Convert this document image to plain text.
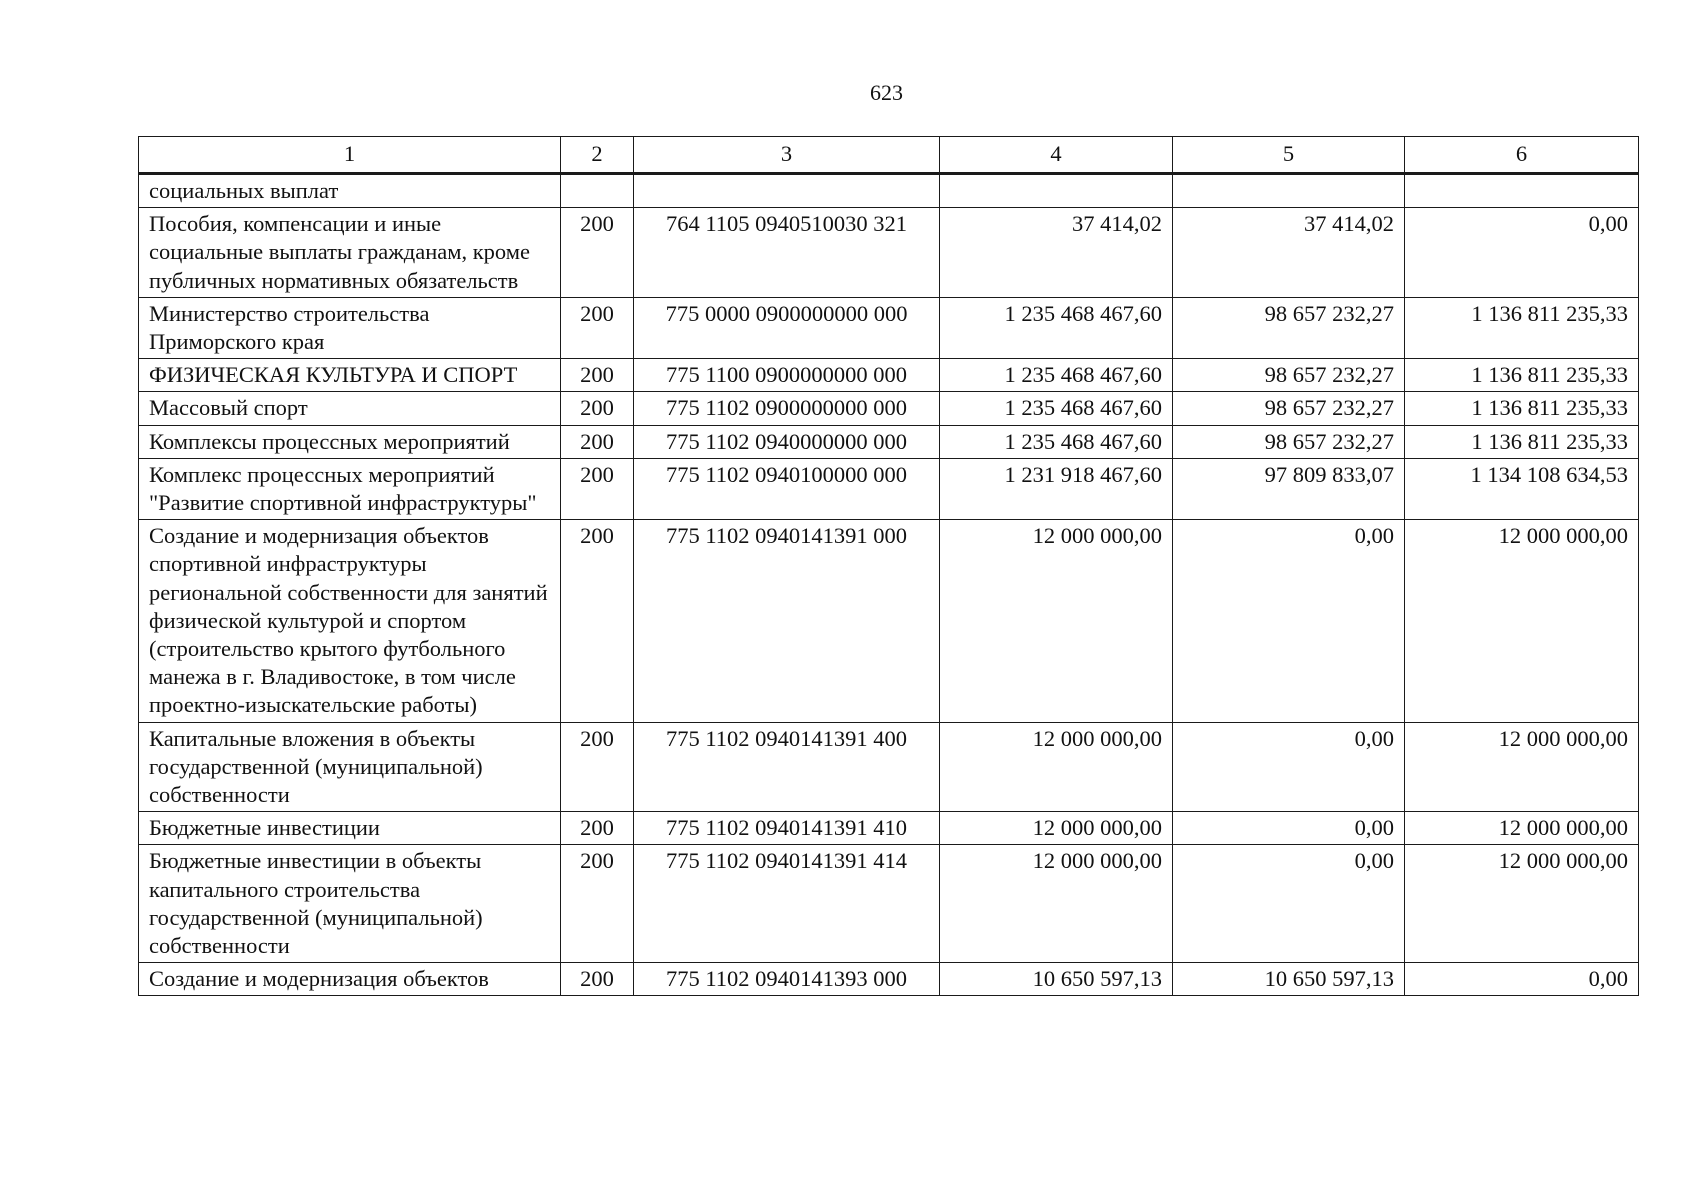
623
1	2	3	4	5	6
социальных выплат					
Пособия, компенсации и иные социальные выплаты гражданам, кроме публичных нормативных обязательств	200	764 1105 0940510030 321	37 414,02	37 414,02	0,00
Министерство строительства Приморского края	200	775 0000 0900000000 000	1 235 468 467,60	98 657 232,27	1 136 811 235,33
ФИЗИЧЕСКАЯ КУЛЬТУРА И СПОРТ	200	775 1100 0900000000 000	1 235 468 467,60	98 657 232,27	1 136 811 235,33
Массовый спорт	200	775 1102 0900000000 000	1 235 468 467,60	98 657 232,27	1 136 811 235,33
Комплексы процессных мероприятий	200	775 1102 0940000000 000	1 235 468 467,60	98 657 232,27	1 136 811 235,33
Комплекс процессных мероприятий "Развитие спортивной инфраструктуры"	200	775 1102 0940100000 000	1 231 918 467,60	97 809 833,07	1 134 108 634,53
Создание и модернизация объектов спортивной инфраструктуры региональной собственности для занятий физической культурой и спортом (строительство крытого футбольного манежа в г. Владивостоке, в том числе проектно-изыскательские работы)	200	775 1102 0940141391 000	12 000 000,00	0,00	12 000 000,00
Капитальные вложения в объекты государственной (муниципальной) собственности	200	775 1102 0940141391 400	12 000 000,00	0,00	12 000 000,00
Бюджетные инвестиции	200	775 1102 0940141391 410	12 000 000,00	0,00	12 000 000,00
Бюджетные инвестиции в объекты капитального строительства государственной (муниципальной) собственности	200	775 1102 0940141391 414	12 000 000,00	0,00	12 000 000,00
Создание и модернизация объектов	200	775 1102 0940141393 000	10 650 597,13	10 650 597,13	0,00
